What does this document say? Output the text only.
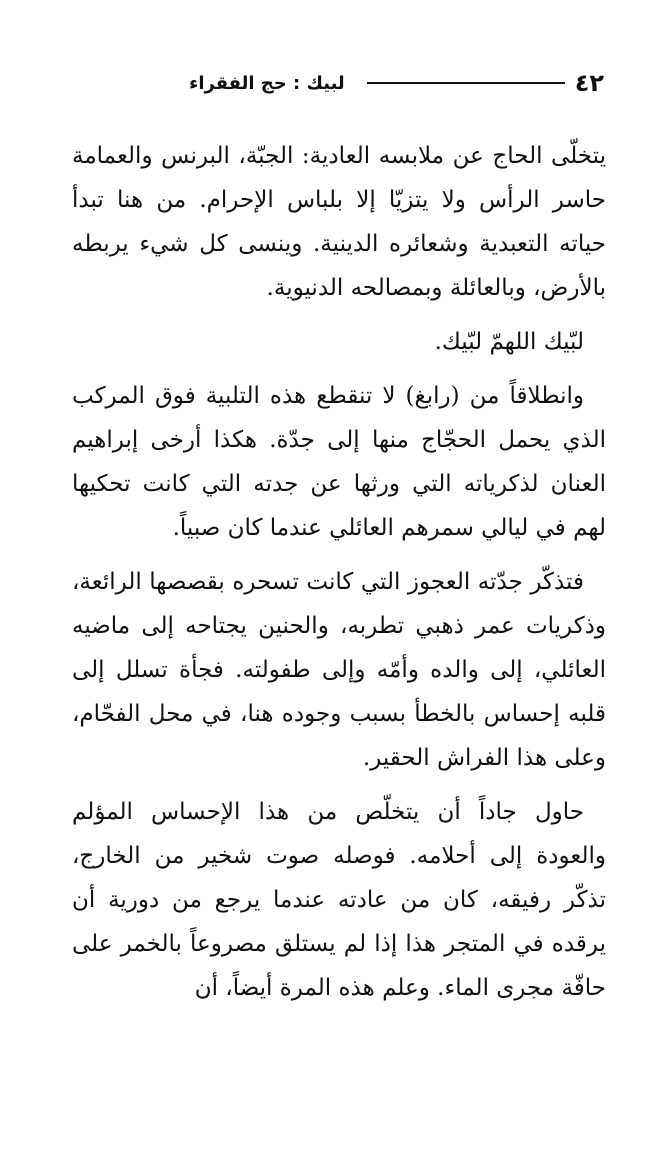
٤٢
لبيك : حج الفقراء

يتخلّى الحاج عن ملابسه العادية: الجبّة، البرنس والعمامة حاسر الرأس ولا يتزيّا إلا بلباس الإحرام. من هنا تبدأ حياته التعبدية وشعائره الدينية. وينسى كل شيء يربطه بالأرض، وبالعائلة وبمصالحه الدنيوية.

لبّيك اللهمّ لبّيك.

وانطلاقاً من (رابغ) لا تنقطع هذه التلبية فوق المركب الذي يحمل الحجّاج منها إلى جدّة. هكذا أرخى إبراهيم العنان لذكرياته التي ورثها عن جدته التي كانت تحكيها لهم في ليالي سمرهم العائلي عندما كان صبياً.

فتذكّر جدّته العجوز التي كانت تسحره بقصصها الرائعة، وذكريات عمر ذهبي تطربه، والحنين يجتاحه إلى ماضيه العائلي، إلى والده وأمّه وإلى طفولته. فجأة تسلل إلى قلبه إحساس بالخطأ بسبب وجوده هنا، في محل الفحّام، وعلى هذا الفراش الحقير.

حاول جاداً أن يتخلّص من هذا الإحساس المؤلم والعودة إلى أحلامه. فوصله صوت شخير من الخارج، تذكّر رفيقه، كان من عادته عندما يرجع من دورية أن يرقده في المتجر هذا إذا لم يستلق مصروعاً بالخمر على حافّة مجرى الماء. وعلم هذه المرة أيضاً، أن
